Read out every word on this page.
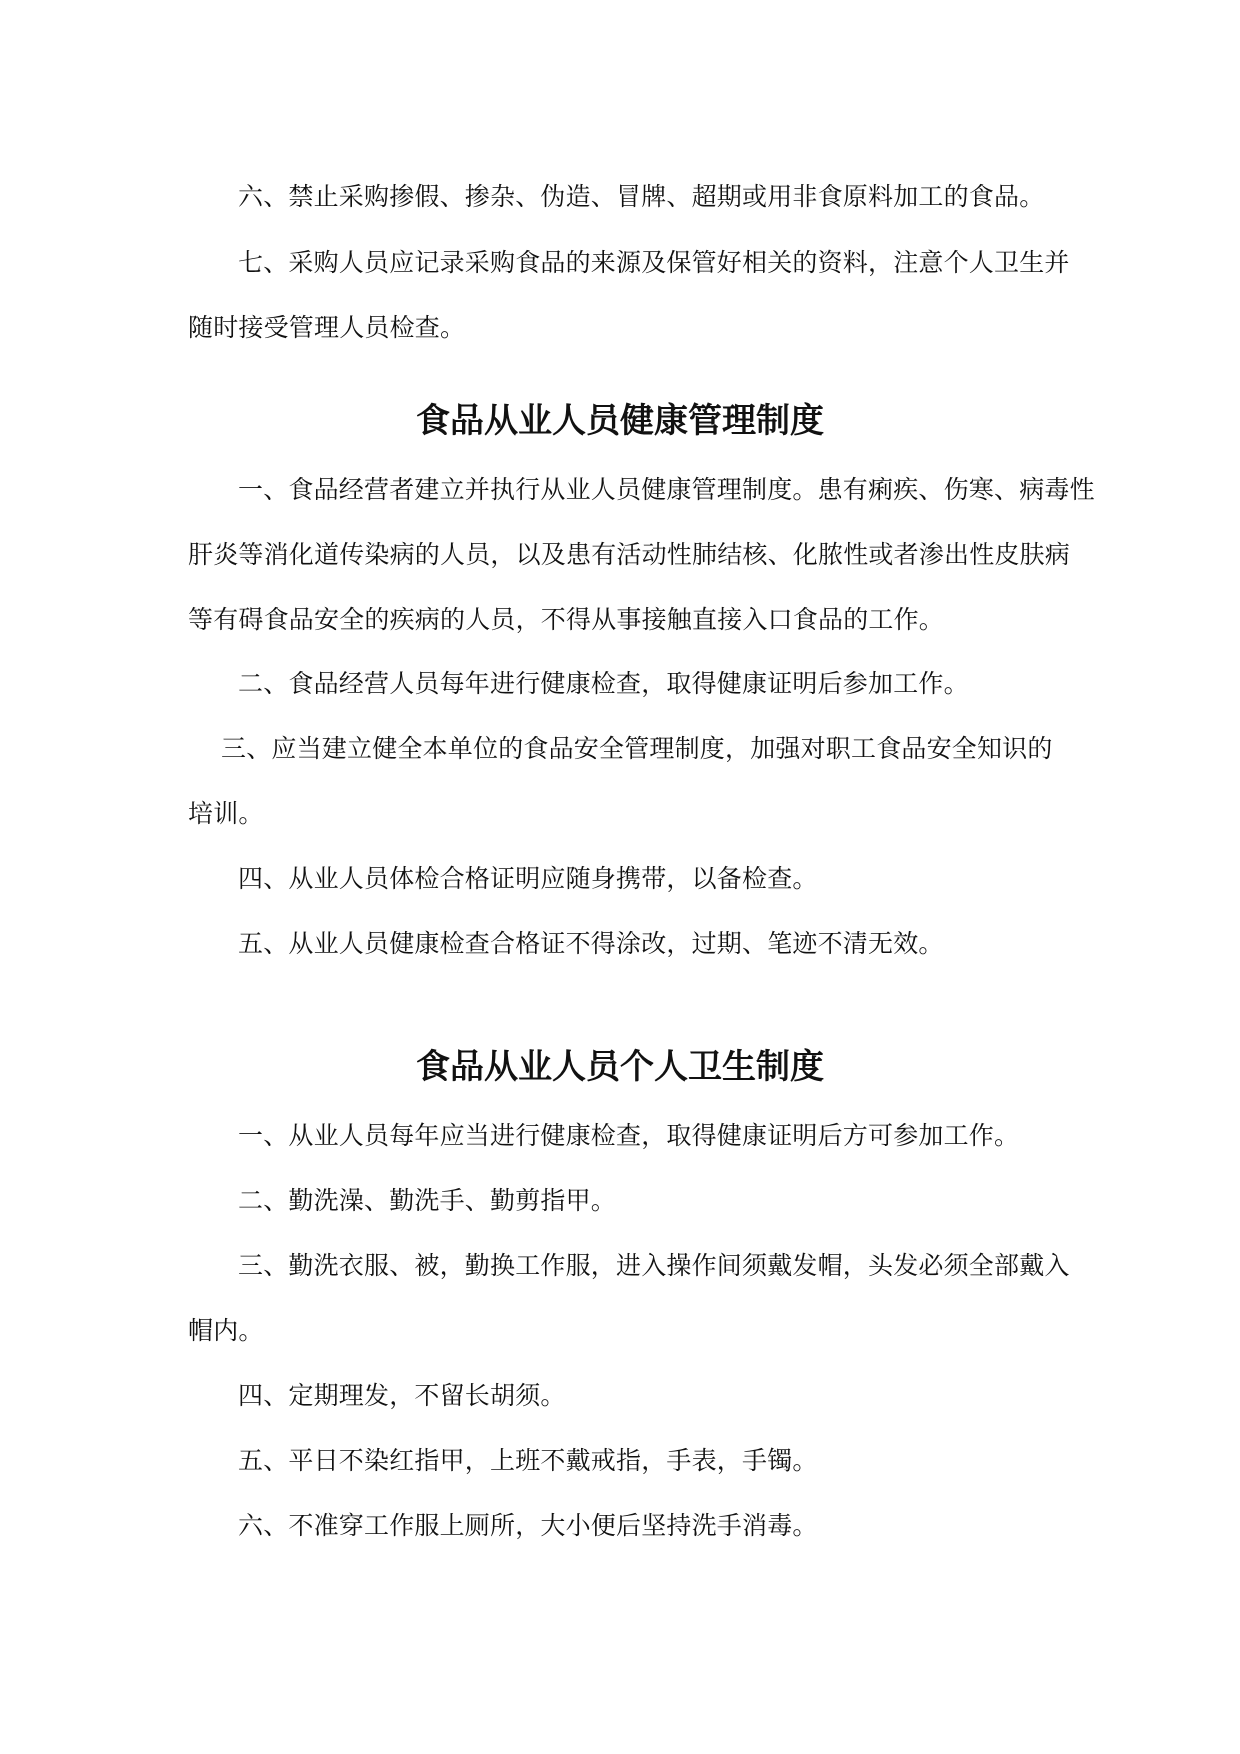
六、禁止采购掺假、掺杂、伪造、冒牌、超期或用非食原料加工的食品。

七、采购人员应记录采购食品的来源及保管好相关的资料，注意个人卫生并

随时接受管理人员检查。

食品从业人员健康管理制度

一、食品经营者建立并执行从业人员健康管理制度。患有痢疾、伤寒、病毒性

肝炎等消化道传染病的人员，以及患有活动性肺结核、化脓性或者渗出性皮肤病

等有碍食品安全的疾病的人员，不得从事接触直接入口食品的工作。

二、食品经营人员每年进行健康检查，取得健康证明后参加工作。

三、应当建立健全本单位的食品安全管理制度，加强对职工食品安全知识的

培训。

四、从业人员体检合格证明应随身携带，以备检查。

五、从业人员健康检查合格证不得涂改，过期、笔迹不清无效。

食品从业人员个人卫生制度

一、从业人员每年应当进行健康检查，取得健康证明后方可参加工作。

二、勤洗澡、勤洗手、勤剪指甲。

三、勤洗衣服、被，勤换工作服，进入操作间须戴发帽，头发必须全部戴入

帽内。

四、定期理发，不留长胡须。

五、平日不染红指甲，上班不戴戒指，手表，手镯。

六、不准穿工作服上厕所，大小便后坚持洗手消毒。
